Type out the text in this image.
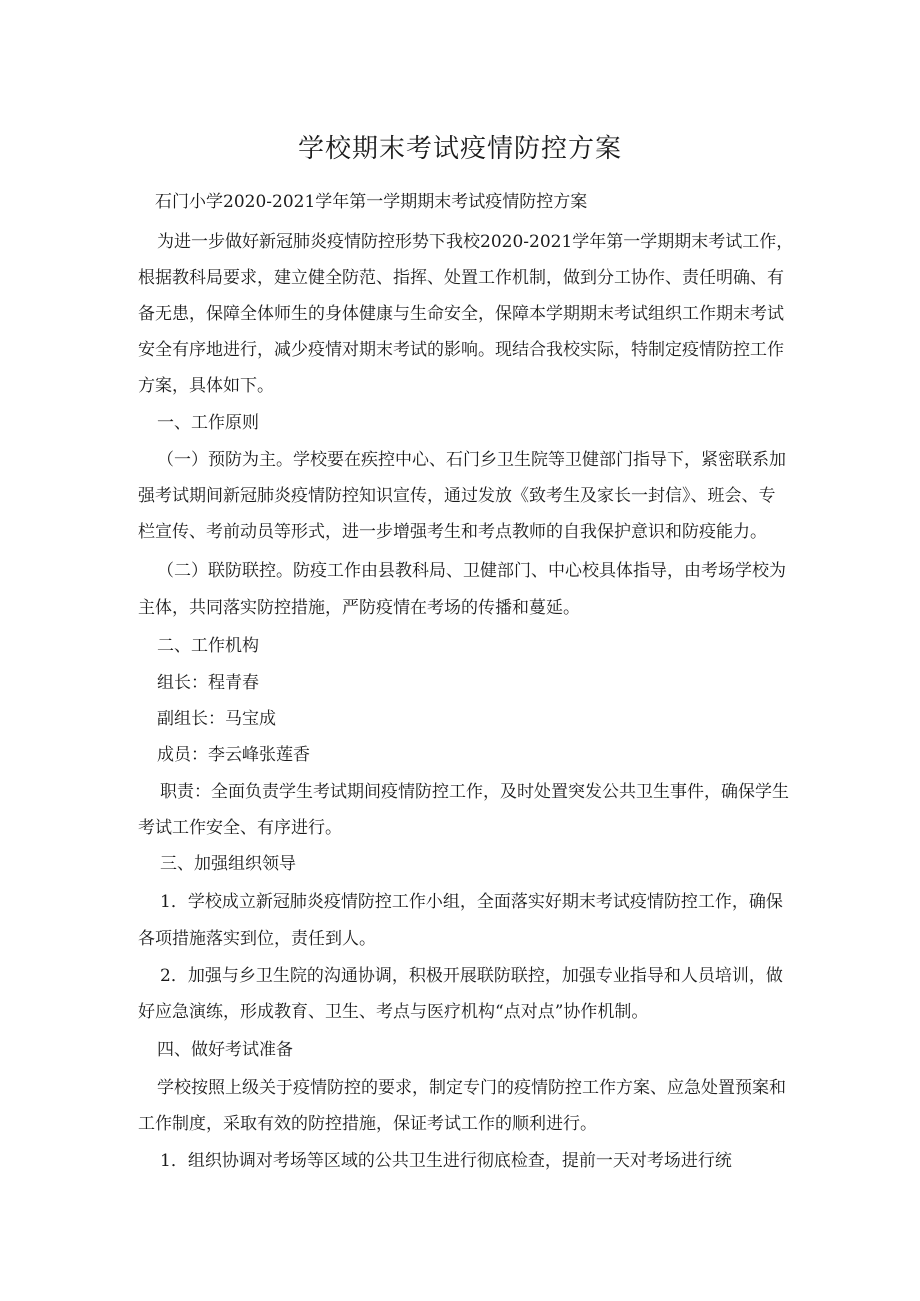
学校期末考试疫情防控方案

石门小学2020-2021学年第一学期期末考试疫情防控方案

为进一步做好新冠肺炎疫情防控形势下我校2020-2021学年第一学期期末考试工作，

根据教科局要求，建立健全防范、指挥、处置工作机制，做到分工协作、责任明确、有

备无患，保障全体师生的身体健康与生命安全，保障本学期期末考试组织工作期末考试

安全有序地进行，减少疫情对期末考试的影响。现结合我校实际，特制定疫情防控工作

方案，具体如下。

一、工作原则

（一）预防为主。学校要在疾控中心、石门乡卫生院等卫健部门指导下，紧密联系加

强考试期间新冠肺炎疫情防控知识宣传，通过发放《致考生及家长一封信》、班会、专

栏宣传、考前动员等形式，进一步增强考生和考点教师的自我保护意识和防疫能力。

（二）联防联控。防疫工作由县教科局、卫健部门、中心校具体指导，由考场学校为

主体，共同落实防控措施，严防疫情在考场的传播和蔓延。

二、工作机构

组长：程青春

副组长：马宝成

成员：李云峰张莲香

职责：全面负责学生考试期间疫情防控工作，及时处置突发公共卫生事件，确保学生

考试工作安全、有序进行。

三、加强组织领导

1．学校成立新冠肺炎疫情防控工作小组，全面落实好期末考试疫情防控工作，确保

各项措施落实到位，责任到人。

2．加强与乡卫生院的沟通协调，积极开展联防联控，加强专业指导和人员培训，做

好应急演练，形成教育、卫生、考点与医疗机构“点对点”协作机制。

四、做好考试准备

学校按照上级关于疫情防控的要求，制定专门的疫情防控工作方案、应急处置预案和

工作制度，采取有效的防控措施，保证考试工作的顺利进行。

1．组织协调对考场等区域的公共卫生进行彻底检查，提前一天对考场进行统
